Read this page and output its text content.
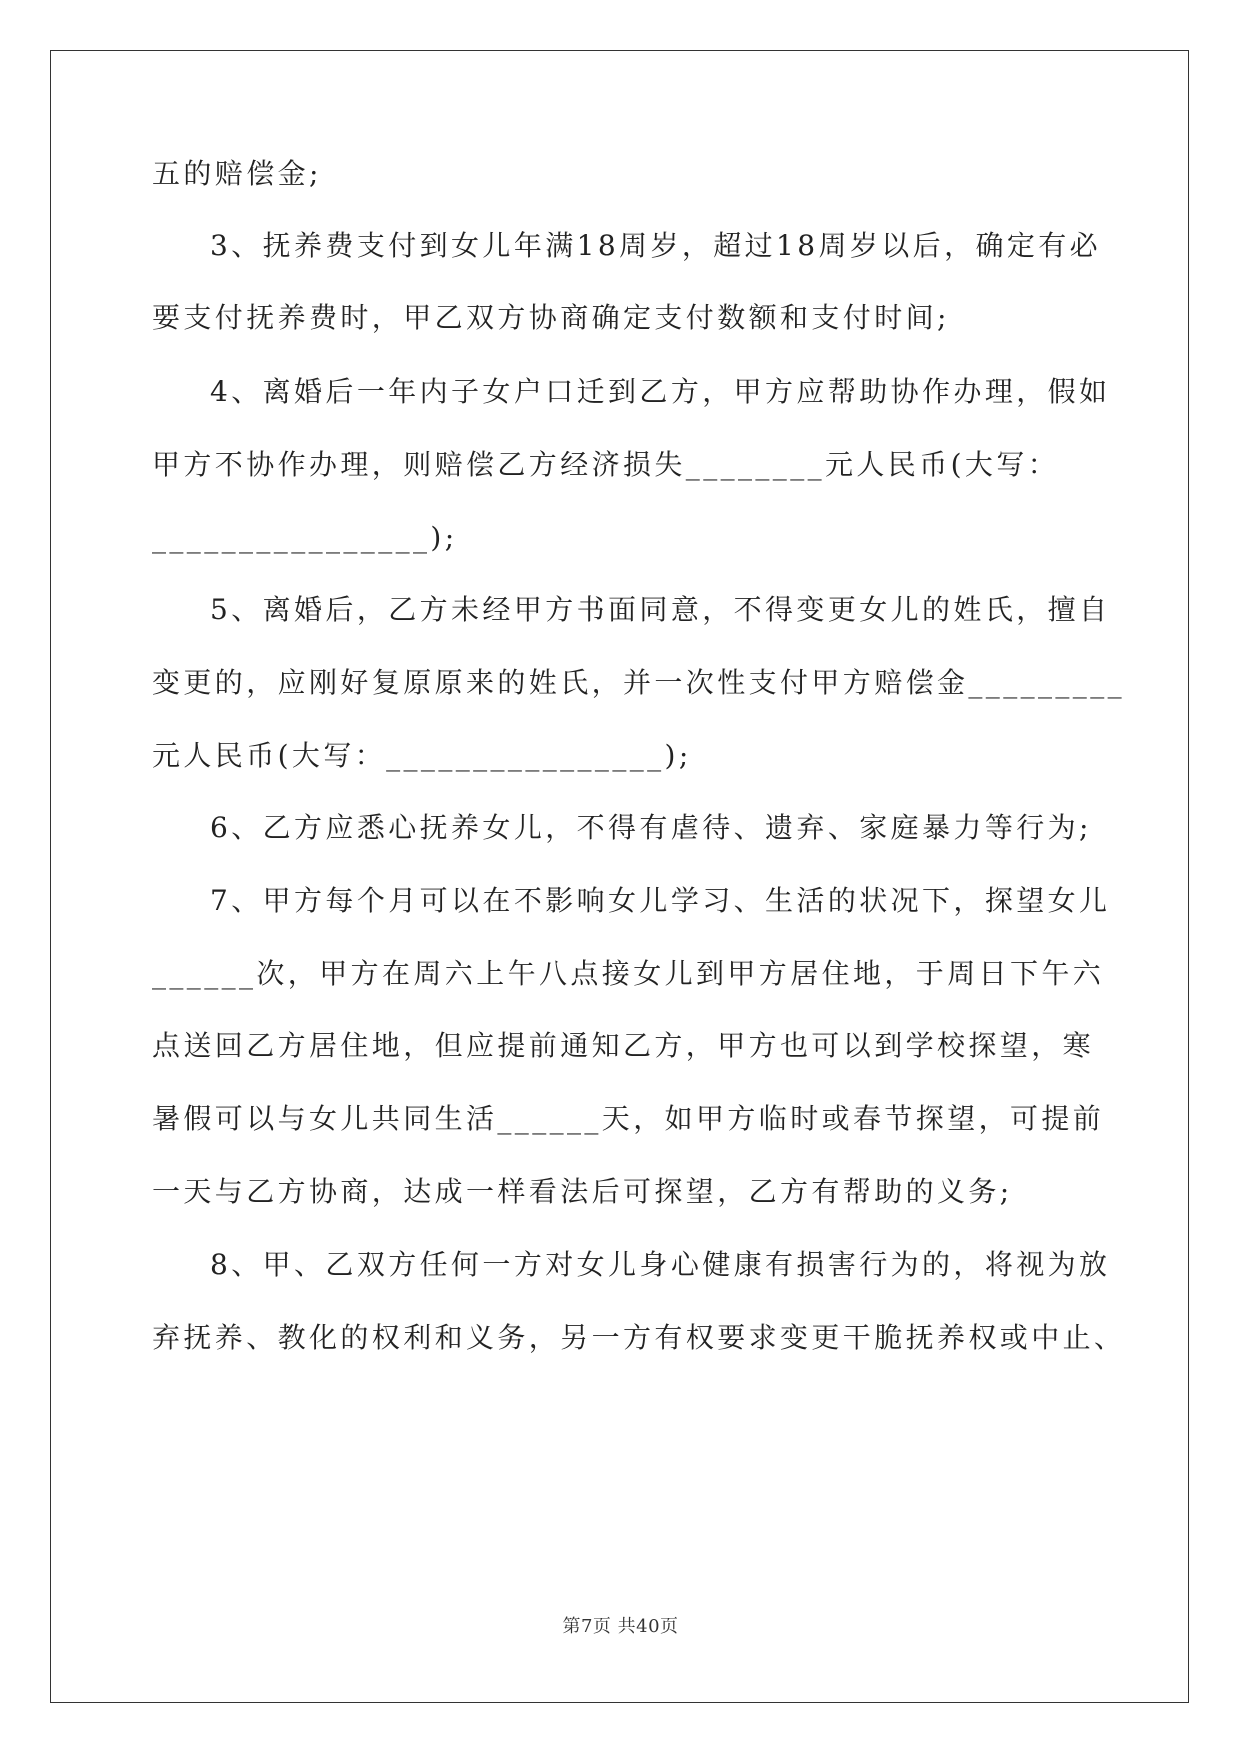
五的赔偿金;
3、抚养费支付到女儿年满18周岁，超过18周岁以后，确定有必
要支付抚养费时，甲乙双方协商确定支付数额和支付时间;
4、离婚后一年内子女户口迁到乙方，甲方应帮助协作办理，假如
甲方不协作办理，则赔偿乙方经济损失________元人民币(大写：
________________);
5、离婚后，乙方未经甲方书面同意，不得变更女儿的姓氏，擅自
变更的，应刚好复原原来的姓氏，并一次性支付甲方赔偿金_________
元人民币(大写：________________);
6、乙方应悉心抚养女儿，不得有虐待、遗弃、家庭暴力等行为;
7、甲方每个月可以在不影响女儿学习、生活的状况下，探望女儿
______次，甲方在周六上午八点接女儿到甲方居住地，于周日下午六
点送回乙方居住地，但应提前通知乙方，甲方也可以到学校探望，寒
暑假可以与女儿共同生活______天，如甲方临时或春节探望，可提前
一天与乙方协商，达成一样看法后可探望，乙方有帮助的义务;
8、甲、乙双方任何一方对女儿身心健康有损害行为的，将视为放
弃抚养、教化的权利和义务，另一方有权要求变更干脆抚养权或中止、
第7页 共40页
